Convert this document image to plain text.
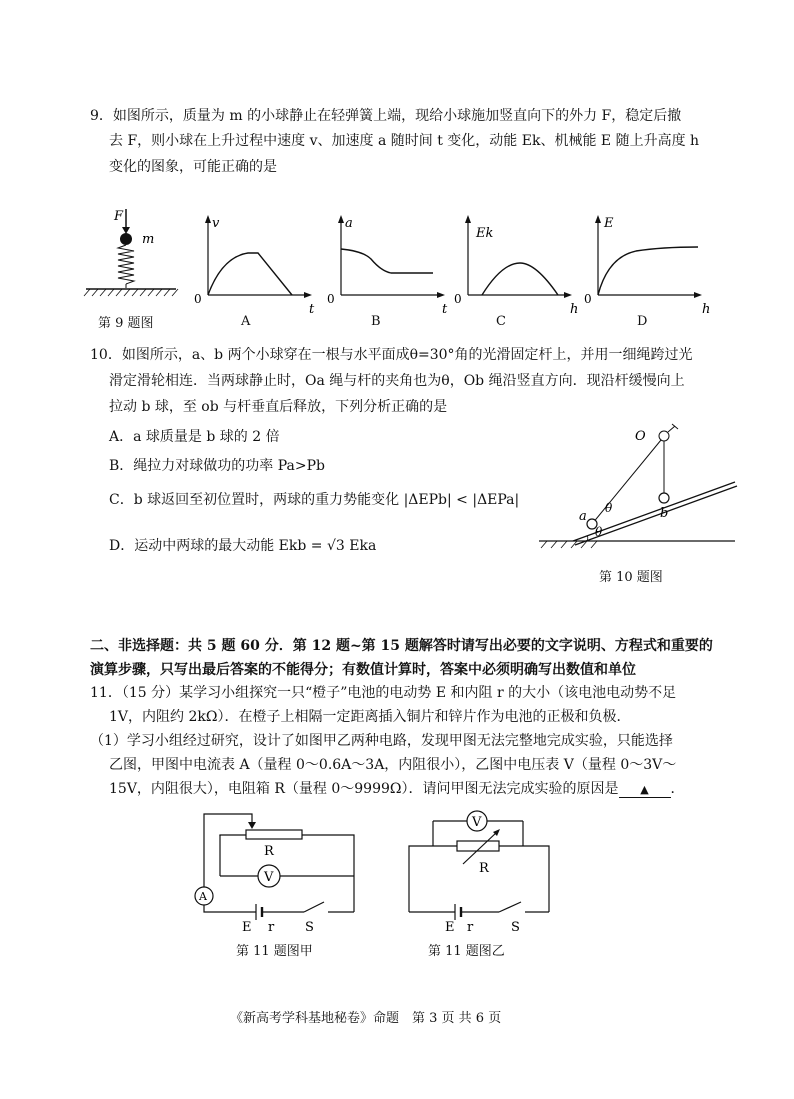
9．如图所示，质量为 m 的小球静止在轻弹簧上端，现给小球施加竖直向下的外力 F，稳定后撤
去 F，则小球在上升过程中速度 v、加速度 a 随时间 t 变化，动能 Ek、机械能 E 随上升高度 h
变化的图象，可能正确的是
F
m
第 9 题图
v
t
0
A
a
t
0
B
Ek
h
0
C
E
h
0
D
10．如图所示，a、b 两个小球穿在一根与水平面成θ=30°角的光滑固定杆上，并用一细绳跨过光
滑定滑轮相连．当两球静止时，Oa 绳与杆的夹角也为θ，Ob 绳沿竖直方向．现沿杆缓慢向上
拉动 b 球，至 ob 与杆垂直后释放，下列分析正确的是
A．a 球质量是 b 球的 2 倍
B．绳拉力对球做功的功率 Pa>Pb
C．b 球返回至初位置时，两球的重力势能变化 |ΔEPb| < |ΔEPa|
D．运动中两球的最大动能 Ekb = √3 Eka
O
a	b
θ
θ
第 10 题图
二、非选择题：共 5 题 60 分．第 12 题~第 15 题解答时请写出必要的文字说明、方程式和重要的
演算步骤，只写出最后答案的不能得分；有数值计算时，答案中必须明确写出数值和单位
11．（15 分）某学习小组探究一只“橙子”电池的电动势 E 和内阻 r 的大小（该电池电动势不足
1V，内阻约 2kΩ）．在橙子上相隔一定距离插入铜片和锌片作为电池的正极和负极．
（1）学习小组经过研究，设计了如图甲乙两种电路，发现甲图无法完整地完成实验，只能选择
乙图，甲图中电流表 A（量程 0～0.6A～3A，内阻很小），乙图中电压表 V（量程 0～3V～
15V，内阻很大），电阻箱 R（量程 0～9999Ω）．请问甲图无法完成实验的原因是 ▲ ．
R
V
A
E r S
第 11 题图甲
V
R
E r	S
第 11 题图乙
《新高考学科基地秘卷》命题　第 3 页 共 6 页
